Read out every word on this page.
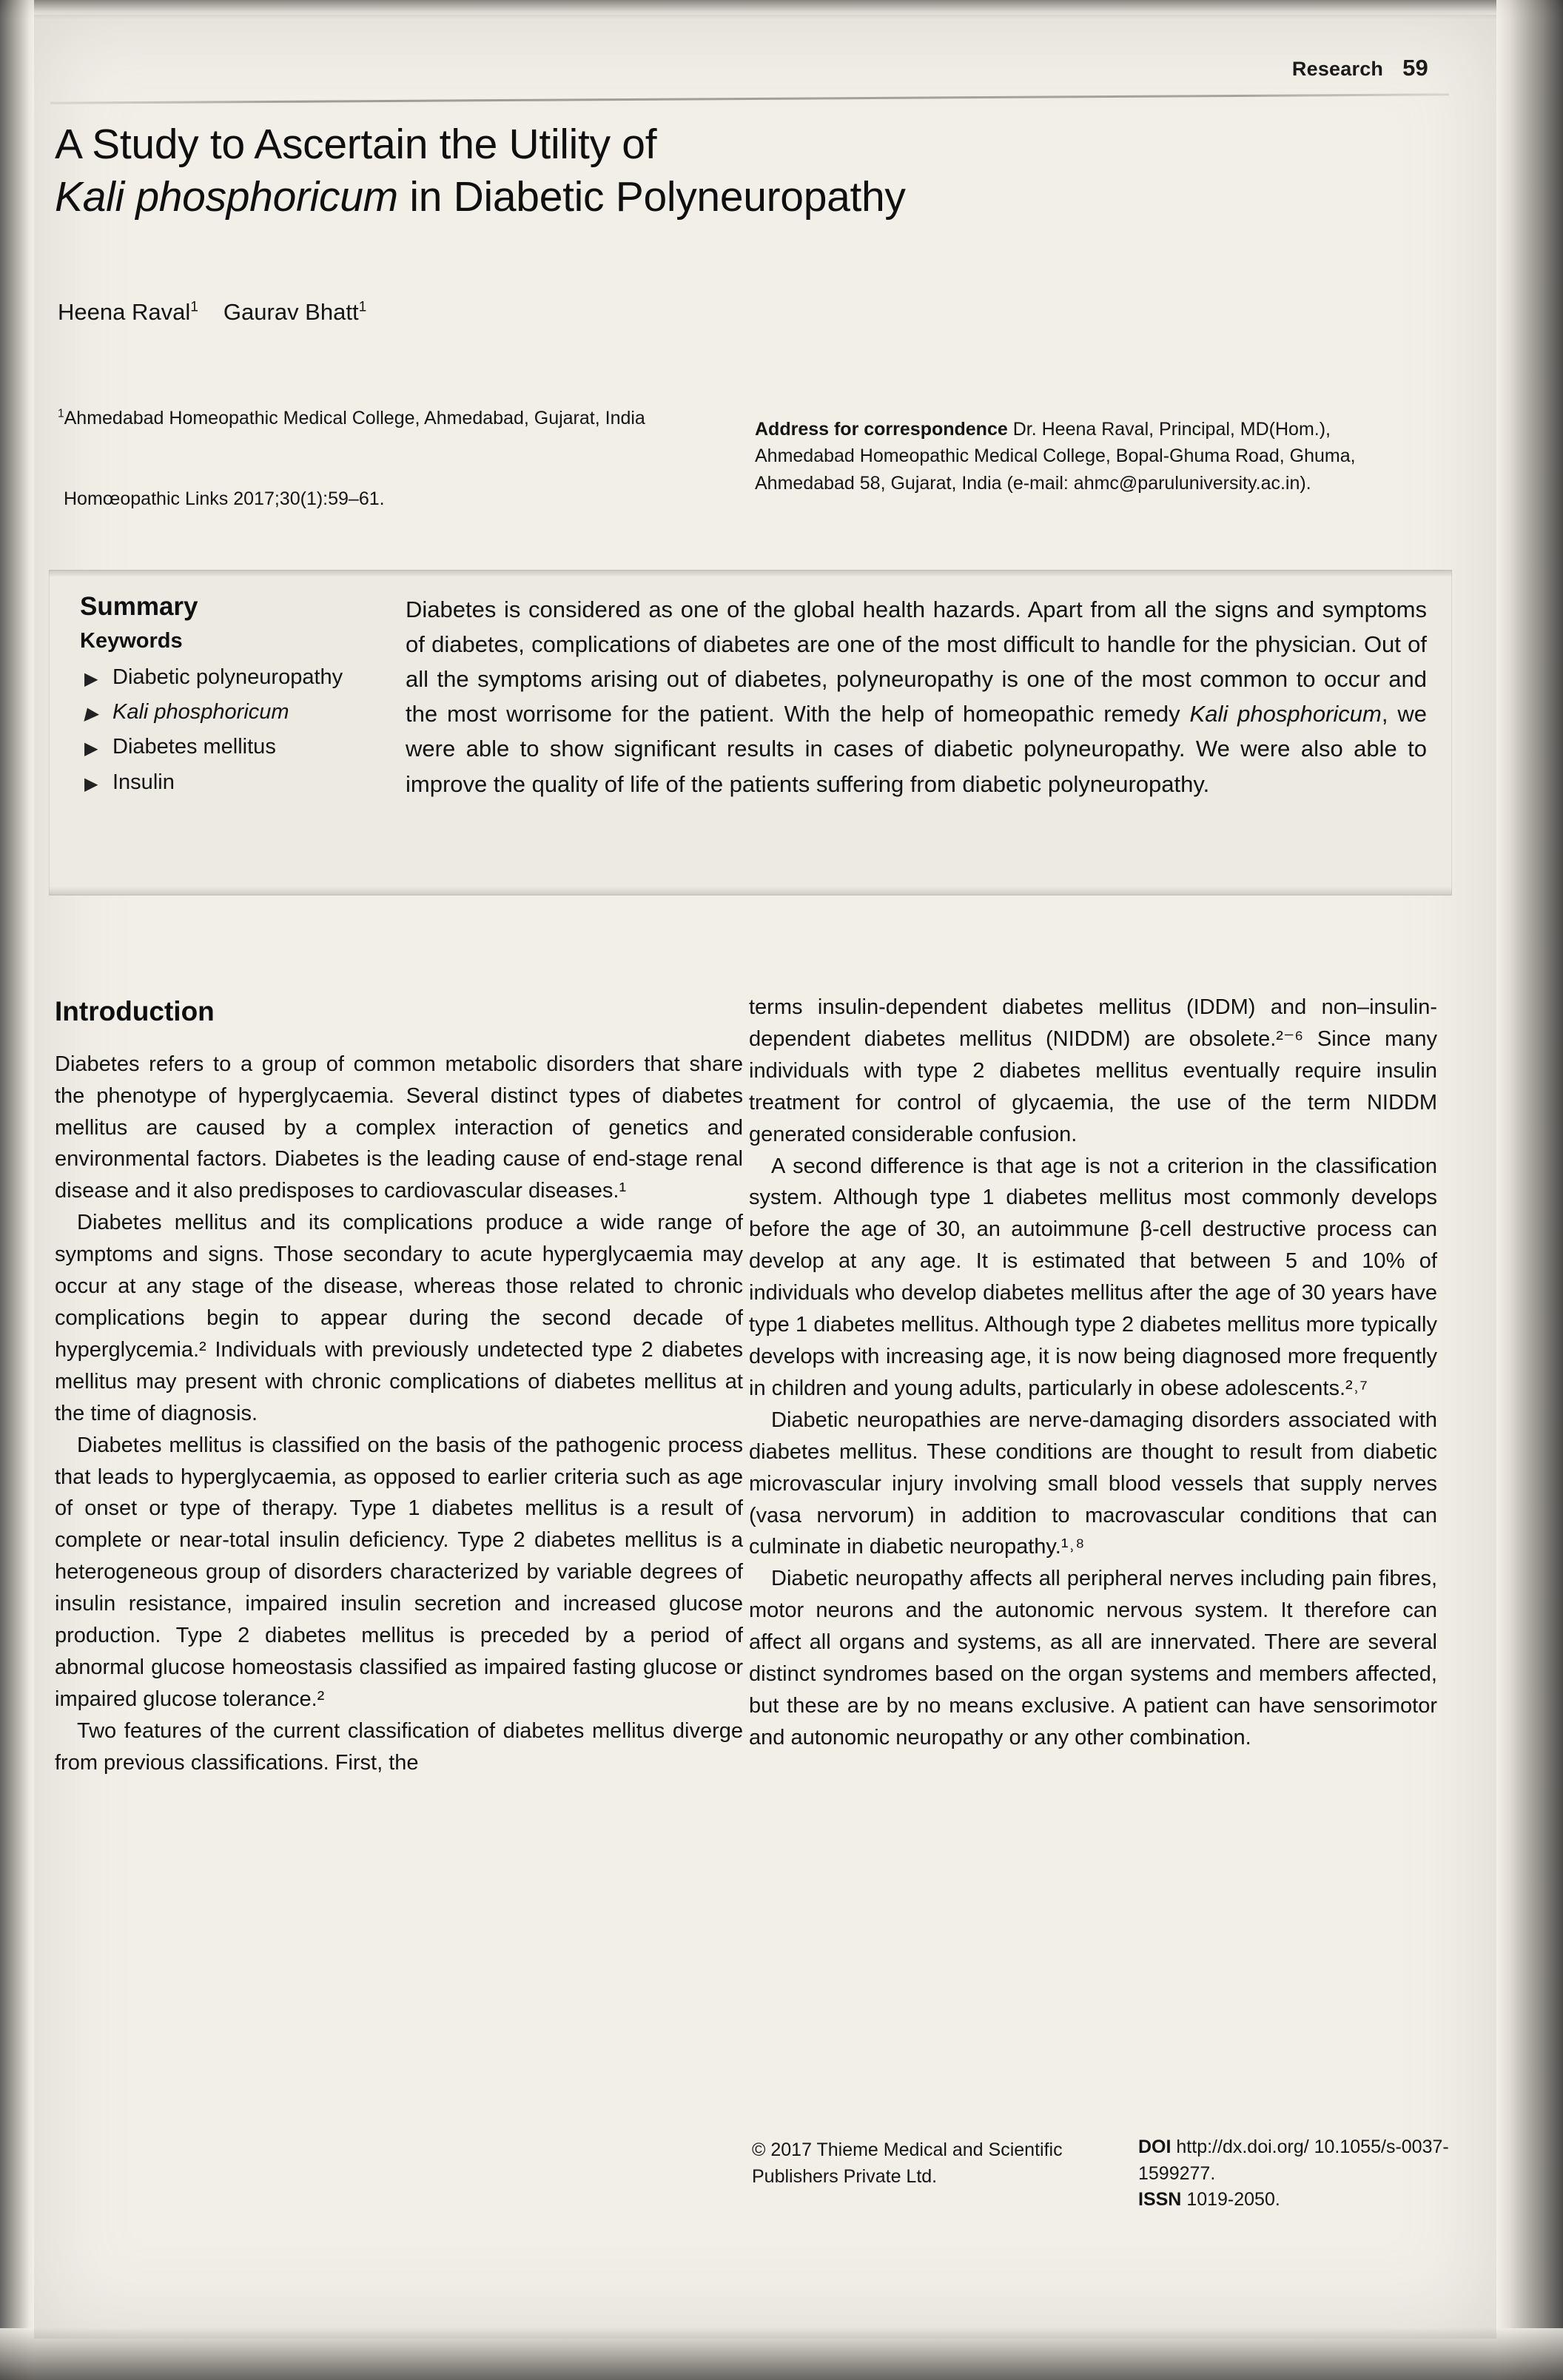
Research 59
A Study to Ascertain the Utility of
Kali phosphoricum in Diabetic Polyneuropathy
Heena Raval$^1$ Gaurav Bhatt$^1$
$^1$Ahmedabad Homeopathic Medical College, Ahmedabad, Gujarat, India
Homœopathic Links 2017;30(1):59–61.
Address for correspondence Dr. Heena Raval, Principal, MD(Hom.), Ahmedabad Homeopathic Medical College, Bopal-Ghuma Road, Ghuma, Ahmedabad 58, Gujarat, India (e-mail: ahmc@paruluniversity.ac.in).
Summary
Keywords
▶ Diabetic polyneuropathy
▶ Kali phosphoricum
▶ Diabetes mellitus
▶ Insulin
Diabetes is considered as one of the global health hazards. Apart from all the signs and symptoms of diabetes, complications of diabetes are one of the most difficult to handle for the physician. Out of all the symptoms arising out of diabetes, polyneuropathy is one of the most common to occur and the most worrisome for the patient. With the help of homeopathic remedy Kali phosphoricum, we were able to show significant results in cases of diabetic polyneuropathy. We were also able to improve the quality of life of the patients suffering from diabetic polyneuropathy.
Introduction

Diabetes refers to a group of common metabolic disorders that share the phenotype of hyperglycaemia. Several distinct types of diabetes mellitus are caused by a complex interaction of genetics and environmental factors. Diabetes is the leading cause of end-stage renal disease and it also predisposes to cardiovascular diseases.¹

Diabetes mellitus and its complications produce a wide range of symptoms and signs. Those secondary to acute hyperglycaemia may occur at any stage of the disease, whereas those related to chronic complications begin to appear during the second decade of hyperglycemia.² Individuals with previously undetected type 2 diabetes mellitus may present with chronic complications of diabetes mellitus at the time of diagnosis.

Diabetes mellitus is classified on the basis of the pathogenic process that leads to hyperglycaemia, as opposed to earlier criteria such as age of onset or type of therapy. Type 1 diabetes mellitus is a result of complete or near-total insulin deficiency. Type 2 diabetes mellitus is a heterogeneous group of disorders characterized by variable degrees of insulin resistance, impaired insulin secretion and increased glucose production. Type 2 diabetes mellitus is preceded by a period of abnormal glucose homeostasis classified as impaired fasting glucose or impaired glucose tolerance.²

Two features of the current classification of diabetes mellitus diverge from previous classifications. First, the

terms insulin-dependent diabetes mellitus (IDDM) and non–insulin-dependent diabetes mellitus (NIDDM) are obsolete.²⁻⁶ Since many individuals with type 2 diabetes mellitus eventually require insulin treatment for control of glycaemia, the use of the term NIDDM generated considerable confusion.

A second difference is that age is not a criterion in the classification system. Although type 1 diabetes mellitus most commonly develops before the age of 30, an autoimmune β-cell destructive process can develop at any age. It is estimated that between 5 and 10% of individuals who develop diabetes mellitus after the age of 30 years have type 1 diabetes mellitus. Although type 2 diabetes mellitus more typically develops with increasing age, it is now being diagnosed more frequently in children and young adults, particularly in obese adolescents.²˒⁷

Diabetic neuropathies are nerve-damaging disorders associated with diabetes mellitus. These conditions are thought to result from diabetic microvascular injury involving small blood vessels that supply nerves (vasa nervorum) in addition to macrovascular conditions that can culminate in diabetic neuropathy.¹˒⁸

Diabetic neuropathy affects all peripheral nerves including pain fibres, motor neurons and the autonomic nervous system. It therefore can affect all organs and systems, as all are innervated. There are several distinct syndromes based on the organ systems and members affected, but these are by no means exclusive. A patient can have sensorimotor and autonomic neuropathy or any other combination.

© 2017 Thieme Medical and Scientific Publishers Private Ltd.
DOI http://dx.doi.org/ 10.1055/s-0037-1599277.
ISSN 1019-2050.
